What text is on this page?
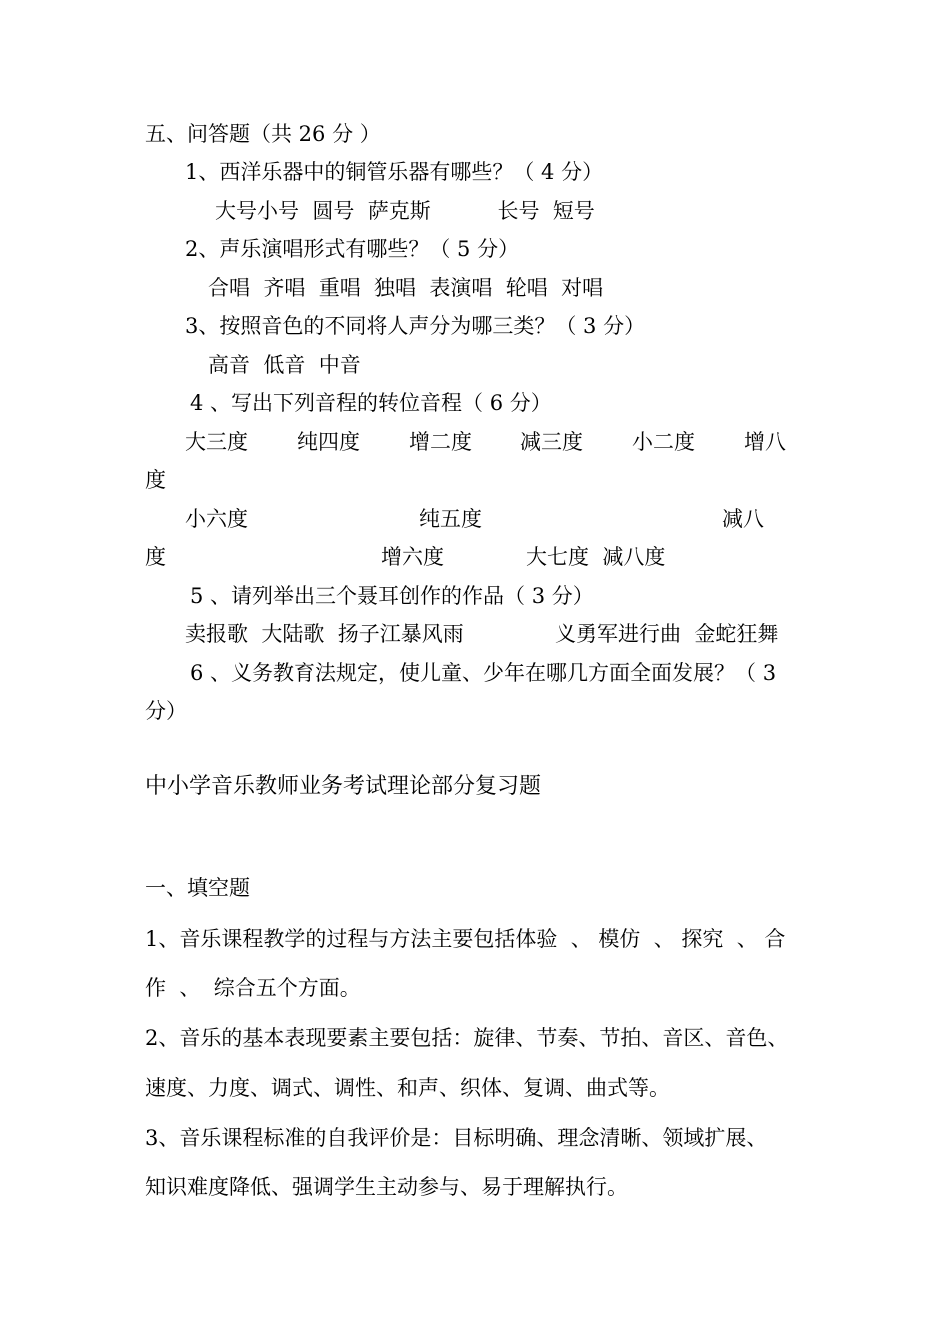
五、问答题（共 26 分 ）
1、西洋乐器中的铜管乐器有哪些？（ 4 分）
大号小号  圆号  萨克斯          长号  短号
2、声乐演唱形式有哪些？（ 5 分）
合唱  齐唱  重唱  独唱  表演唱  轮唱  对唱
3、按照音色的不同将人声分为哪三类？（ 3 分）
高音  低音  中音
4 、写出下列音程的转位音程（ 6 分）
大三度 纯四度 增二度 减三度 小二度 增八
度
小六度	纯五度	减八
度	增六度	大七度  减八度
5 、请列举出三个聂耳创作的作品（ 3 分）
卖报歌  大陆歌  扬子江暴风雨	义勇军进行曲  金蛇狂舞
6 、义务教育法规定，使儿童、少年在哪几方面全面发展？（ 3
分）
中小学音乐教师业务考试理论部分复习题
一、填空题
1、音乐课程教学的过程与方法主要包括体验  、 模仿  、 探究  、 合
作  、  综合五个方面。
2、音乐的基本表现要素主要包括：旋律、节奏、节拍、音区、音色、
速度、力度、调式、调性、和声、织体、复调、曲式等。
3、音乐课程标准的自我评价是：目标明确、理念清晰、领域扩展、
知识难度降低、强调学生主动参与、易于理解执行。
